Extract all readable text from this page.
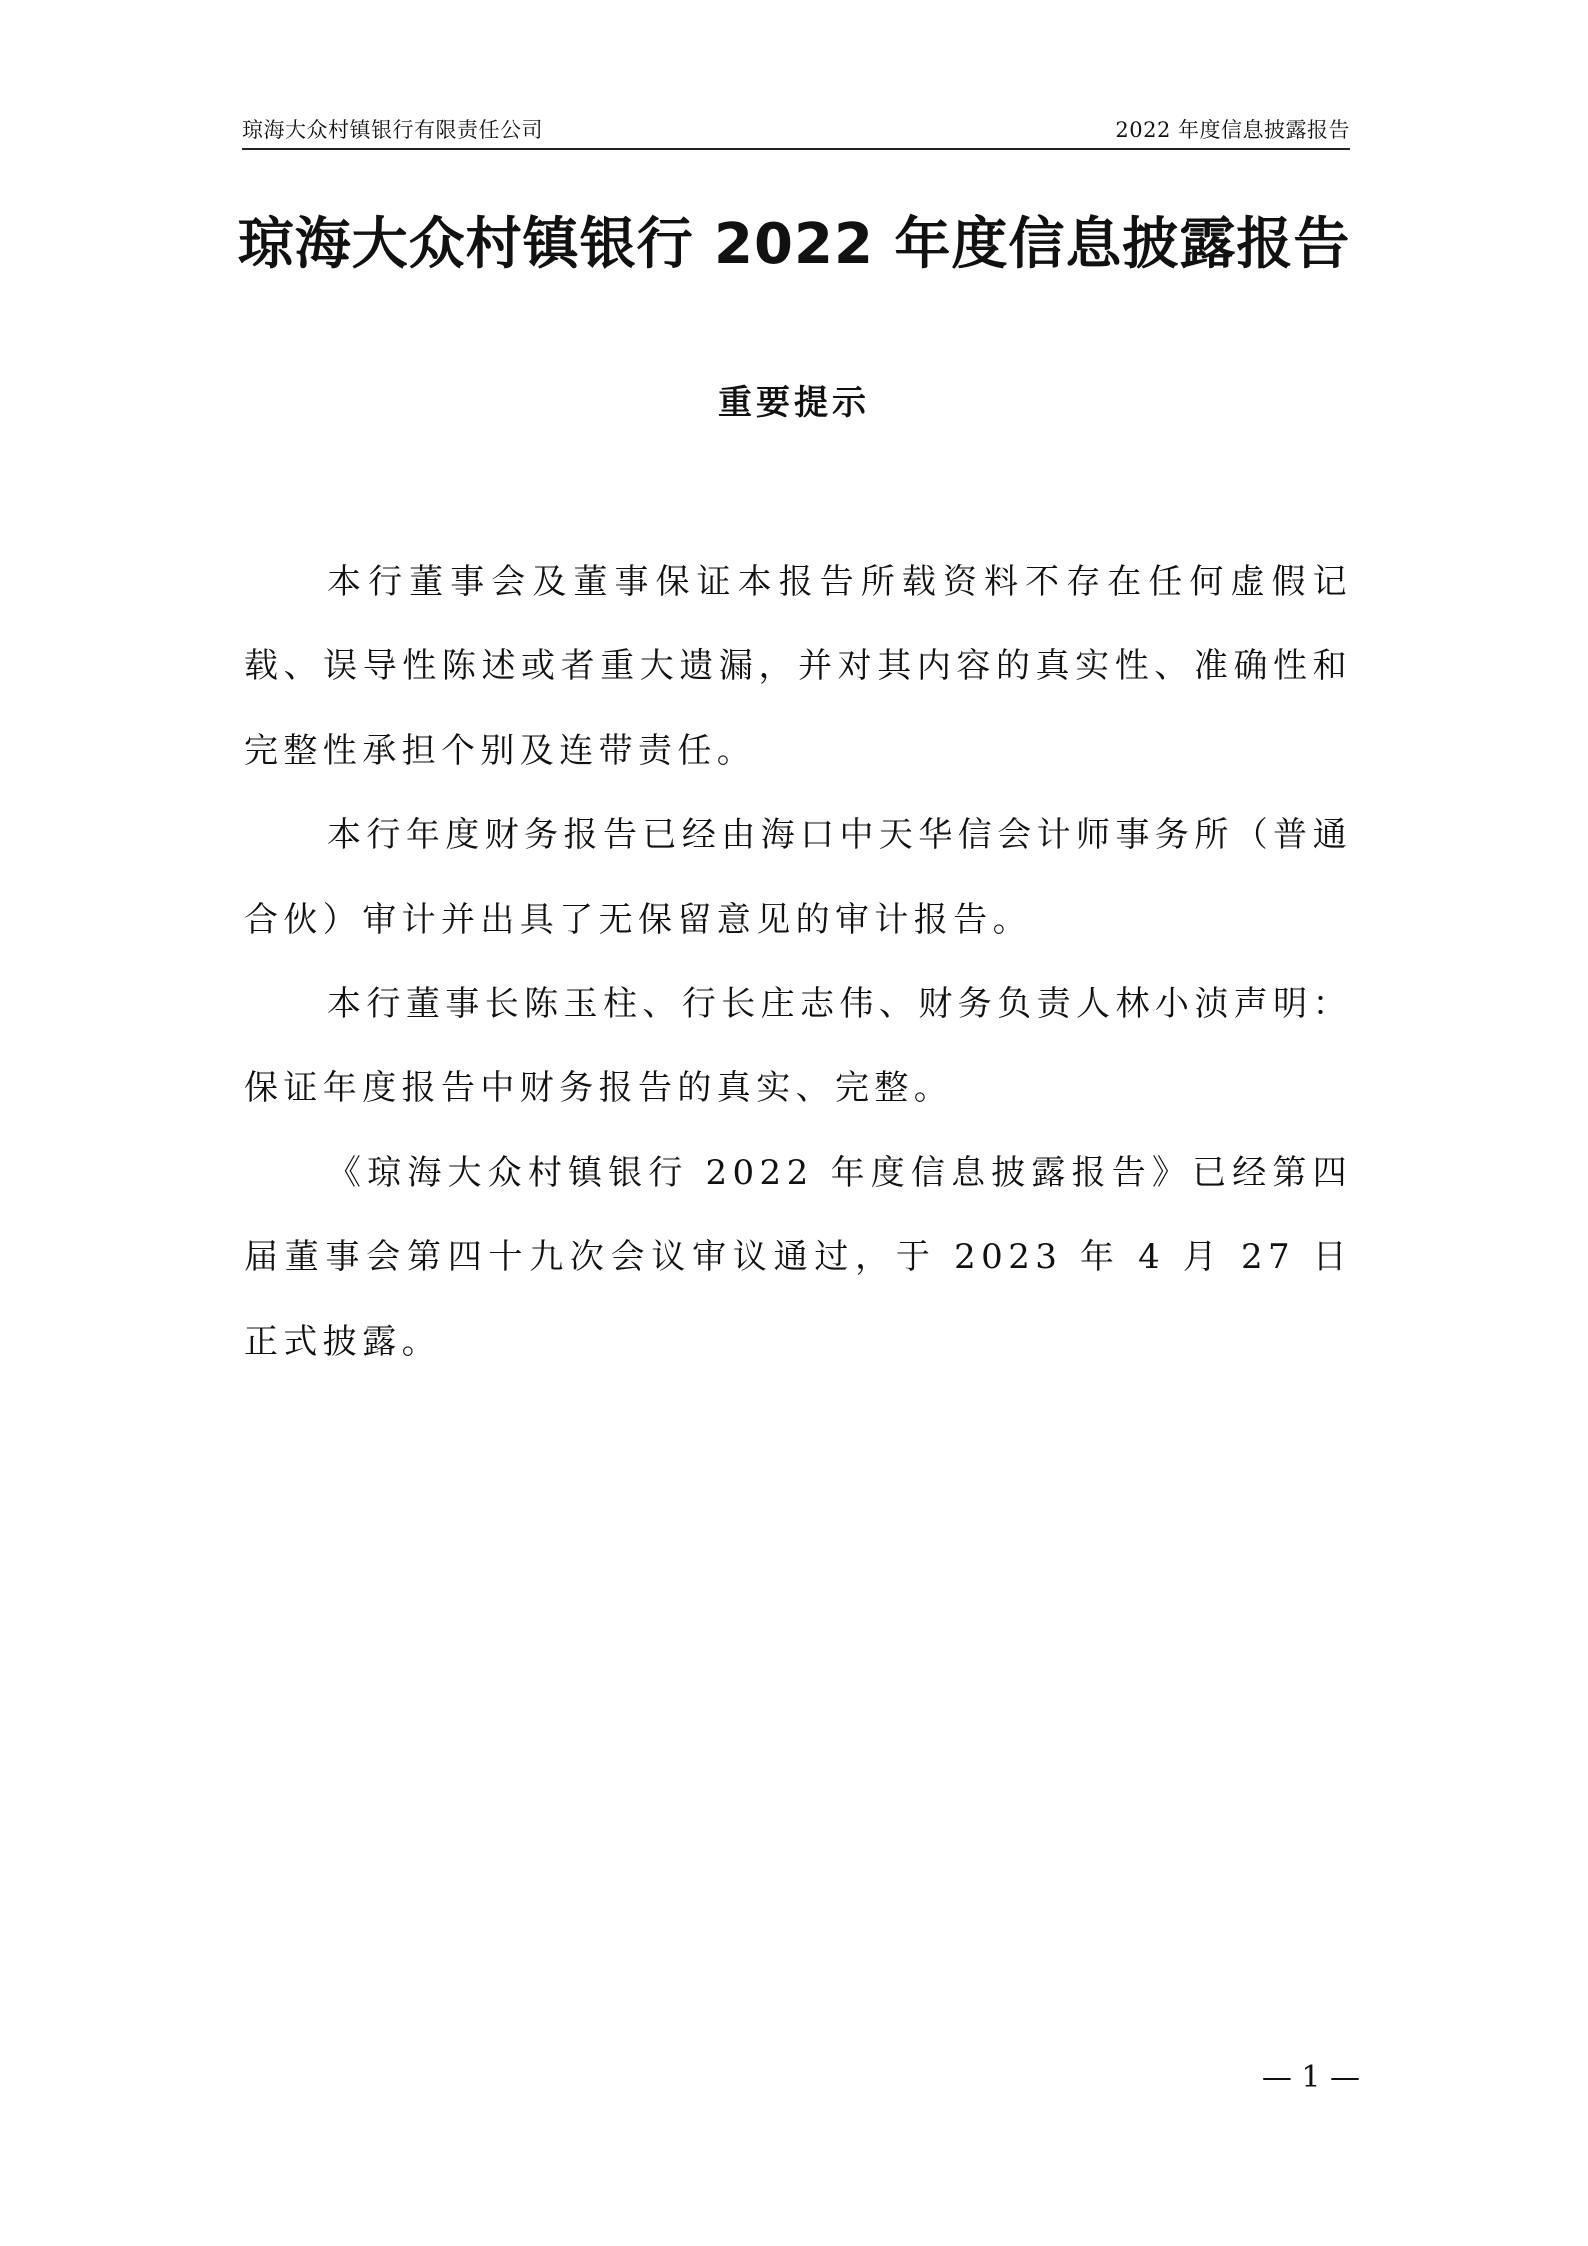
琼海大众村镇银行有限责任公司	2022 年度信息披露报告
琼海大众村镇银行 2022 年度信息披露报告
重要提示

本行董事会及董事保证本报告所载资料不存在任何虚假记载、误导性陈述或者重大遗漏，并对其内容的真实性、准确性和完整性承担个别及连带责任。

本行年度财务报告已经由海口中天华信会计师事务所（普通合伙）审计并出具了无保留意见的审计报告。

本行董事长陈玉柱、行长庄志伟、财务负责人林小浈声明：保证年度报告中财务报告的真实、完整。

《琼海大众村镇银行 2022 年度信息披露报告》已经第四届董事会第四十九次会议审议通过，于 2023 年 4 月 27 日正式披露。

— 1 —
